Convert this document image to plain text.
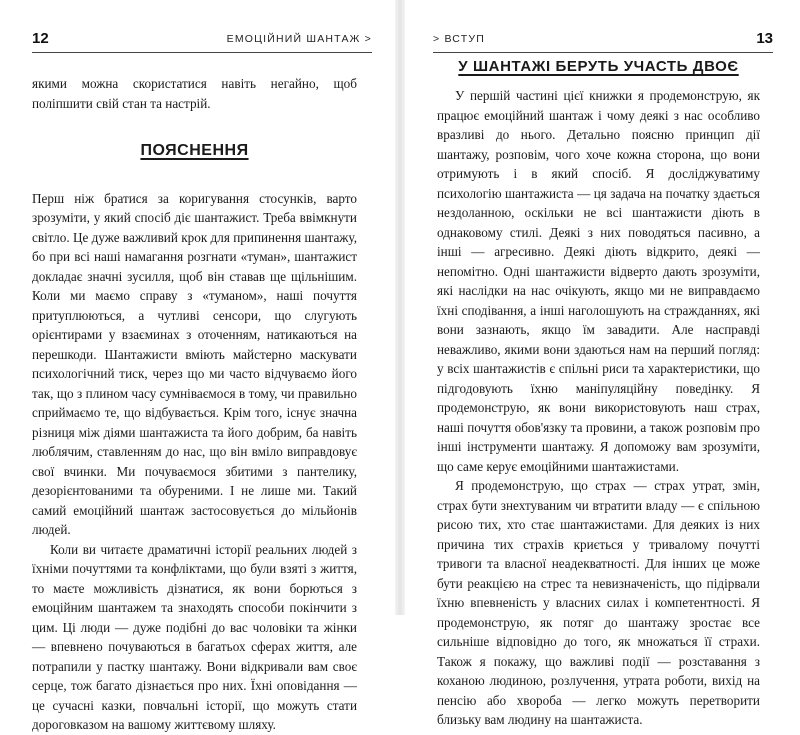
12	ЕМОЦІЙНИЙ ШАНТАЖ >

якими можна скористатися навіть негайно, щоб поліпшити свій стан та настрій.

ПОЯСНЕННЯ

Перш ніж братися за коригування стосунків, варто зрозуміти, у який спосіб діє шантажист. Треба ввімкнути світло. Це дуже важливий крок для припинення шантажу, бо при всі наші намагання розгнати «туман», шантажист докладає значні зусилля, щоб він ставав ще щільнішим. Коли ми маємо справу з «туманом», наші почуття притуплюються, а чутливі сенсори, що слугують орієнтирами у взаєминах з оточенням, натикаються на перешкоди. Шантажисти вміють майстерно маскувати психологічний тиск, через що ми часто відчуваємо його так, що з плином часу сумніваємося в тому, чи правильно сприймаємо те, що відбувається. Крім того, існує значна різниця між діями шантажиста та його добрим, ба навіть люблячим, ставленням до нас, що він вміло виправдовує свої вчинки. Ми почуваємося збитими з пантелику, дезорієнтованими та обуреними. І не лише ми. Такий самий емоційний шантаж застосовується до мільйонів людей.

Коли ви читаєте драматичні історії реальних людей з їхніми почуттями та конфліктами, що були взяті з життя, то маєте можливість дізнатися, як вони борються з емоційним шантажем та знаходять способи покінчити з цим. Ці люди — дуже подібні до вас чоловіки та жінки — впевнено почуваються в багатьох сферах життя, але потрапили у пастку шантажу. Вони відкривали вам своє серце, тож багато дізнається про них. Їхні оповідання — це сучасні казки, повчальні історії, що можуть стати дороговказом на вашому життєвому шляху.

> ВСТУП	13
У ШАНТАЖІ БЕРУТЬ УЧАСТЬ ДВОЄ

У першій частині цієї книжки я продемонструю, як працює емоційний шантаж і чому деякі з нас особливо вразливі до нього. Детально поясню принцип дії шантажу, розповім, чого хоче кожна сторона, що вони отримують і в який спосіб. Я досліджуватиму психологію шантажиста — ця задача на початку здається нездоланною, оскільки не всі шантажисти діють в однаковому стилі. Деякі з них поводяться пасивно, а інші — агресивно. Деякі діють відкрито, деякі — непомітно. Одні шантажисти відверто дають зрозуміти, які наслідки на нас очікують, якщо ми не виправдаємо їхні сподівання, а інші наголошують на стражданнях, які вони зазнають, якщо їм завадити. Але насправді неважливо, якими вони здаються нам на перший погляд: у всіх шантажистів є спільні риси та характеристики, що підгодовують їхню маніпуляційну поведінку. Я продемонструю, як вони використовують наш страх, наші почуття обов'язку та провини, а також розповім про інші інструменти шантажу. Я допоможу вам зрозуміти, що саме керує емоційними шантажистами.

Я продемонструю, що страх — страх утрат, змін, страх бути знехтуваним чи втратити владу — є спільною рисою тих, хто стає шантажистами. Для деяких із них причина тих страхів криється у тривалому почутті тривоги та власної неадекватності. Для інших це може бути реакцією на стрес та невизначеність, що підірвали їхню впевненість у власних силах і компетентності. Я продемонструю, як потяг до шантажу зростає все сильніше відповідно до того, як множаться її страхи. Також я покажу, що важливі події — розставання з коханою людиною, розлучення, утрата роботи, вихід на пенсію або хвороба — легко можуть перетворити близьку вам людину на шантажиста.
